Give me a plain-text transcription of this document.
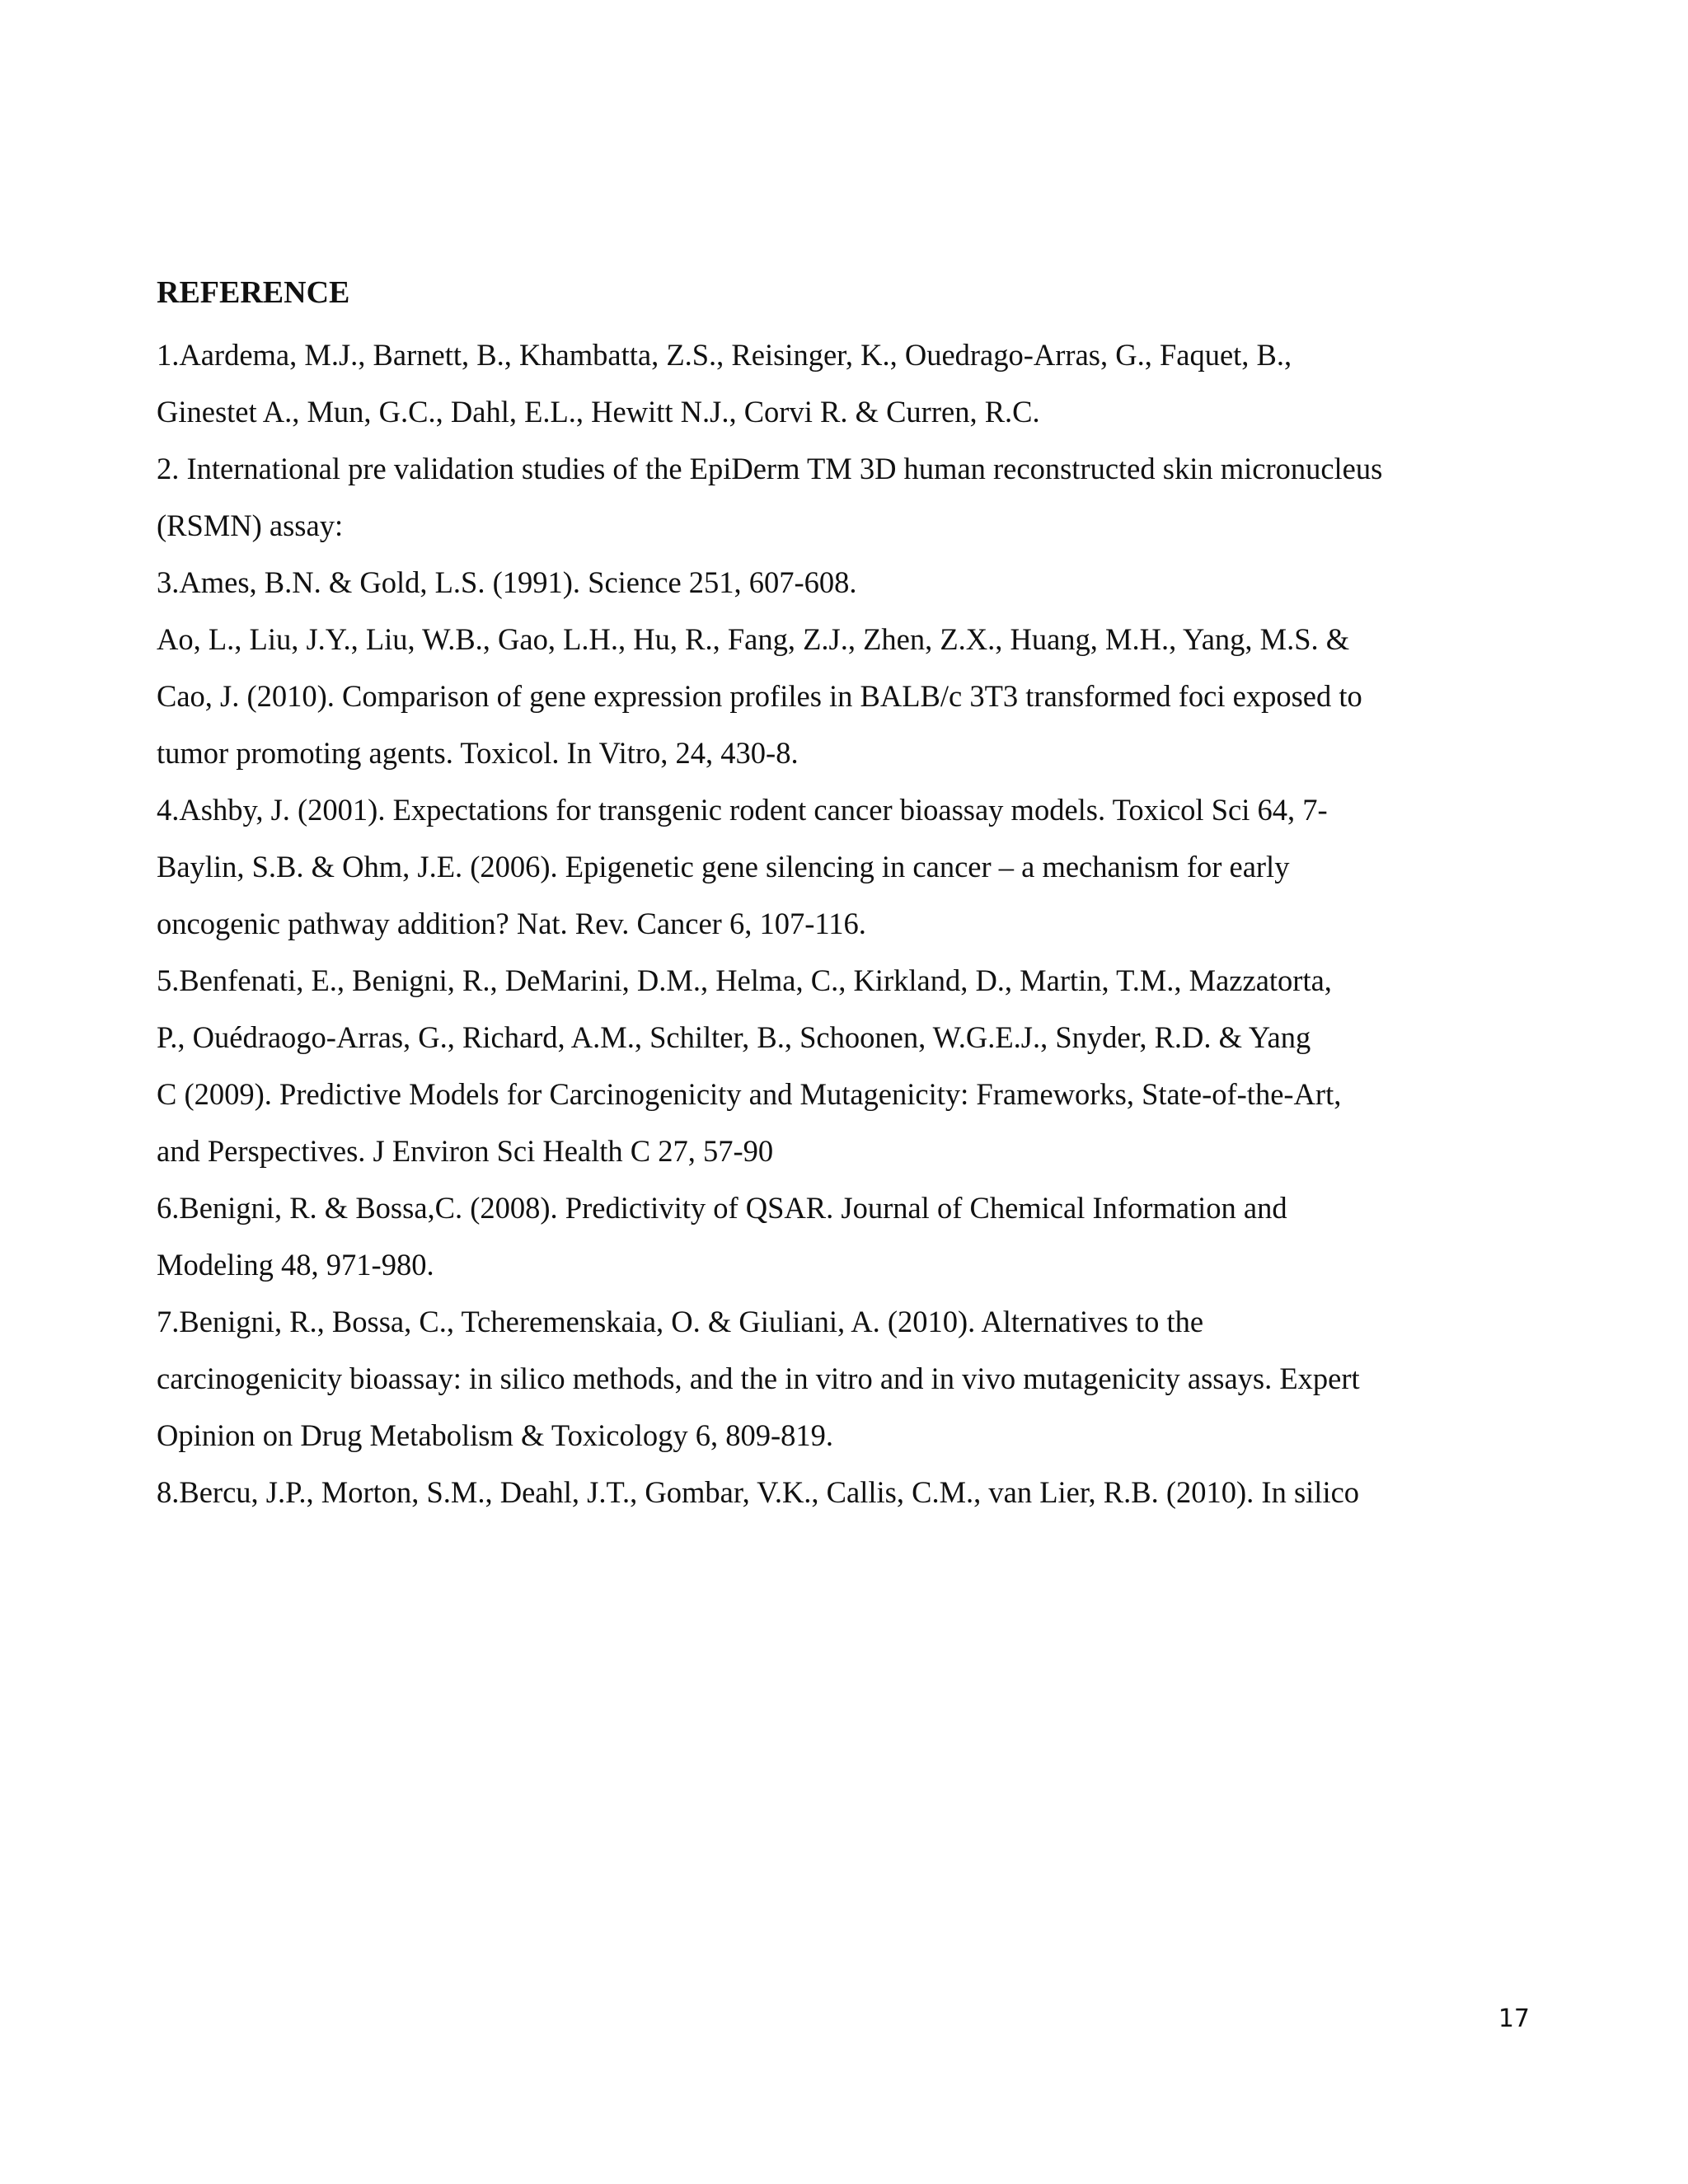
REFERENCE
1.Aardema, M.J., Barnett, B., Khambatta, Z.S., Reisinger, K., Ouedrago-Arras, G., Faquet, B.,
Ginestet A., Mun, G.C., Dahl, E.L., Hewitt N.J., Corvi R. & Curren, R.C.
2. International pre validation studies of the EpiDerm TM 3D human reconstructed skin micronucleus
(RSMN) assay:
3.Ames, B.N. & Gold, L.S. (1991). Science 251, 607-608.
Ao, L., Liu, J.Y., Liu, W.B., Gao, L.H., Hu, R., Fang, Z.J., Zhen, Z.X., Huang, M.H., Yang, M.S. &
Cao, J. (2010). Comparison of gene expression profiles in BALB/c 3T3 transformed foci exposed to
tumor promoting agents. Toxicol. In Vitro, 24, 430-8.
4.Ashby, J. (2001). Expectations for transgenic rodent cancer bioassay models. Toxicol Sci 64, 7-
Baylin, S.B. & Ohm, J.E. (2006). Epigenetic gene silencing in cancer – a mechanism for early
oncogenic pathway addition? Nat. Rev. Cancer 6, 107-116.
5.Benfenati, E., Benigni, R., DeMarini, D.M., Helma, C., Kirkland, D., Martin, T.M., Mazzatorta,
P., Ouédraogo-Arras, G., Richard, A.M., Schilter, B., Schoonen, W.G.E.J., Snyder, R.D. & Yang
C (2009). Predictive Models for Carcinogenicity and Mutagenicity: Frameworks, State-of-the-Art,
and Perspectives. J Environ Sci Health C 27, 57-90
6.Benigni, R. & Bossa,C. (2008). Predictivity of QSAR. Journal of Chemical Information and
Modeling 48, 971-980.
7.Benigni, R., Bossa, C., Tcheremenskaia, O. & Giuliani, A. (2010). Alternatives to the
carcinogenicity bioassay: in silico methods, and the in vitro and in vivo mutagenicity assays. Expert
Opinion on Drug Metabolism & Toxicology 6, 809-819.
8.Bercu, J.P., Morton, S.M., Deahl, J.T., Gombar, V.K., Callis, C.M., van Lier, R.B. (2010). In silico
17
